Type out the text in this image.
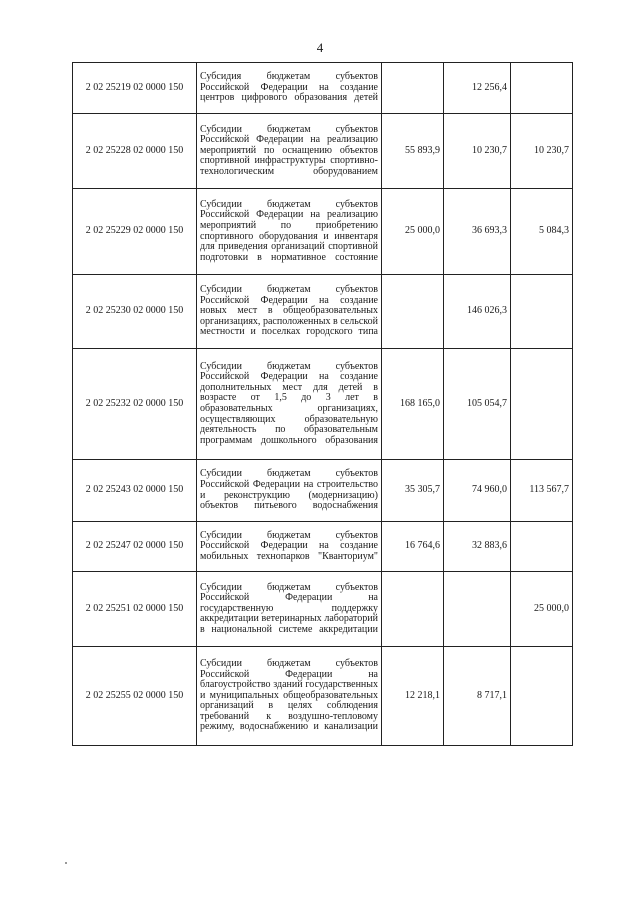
4
2 02 25219 02 0000 150	Субсидия бюджетам субъектов Российской Федерации на создание центров цифрового образования детей		12 256,4	
2 02 25228 02 0000 150	Субсидии бюджетам субъектов Российской Федерации на реализацию мероприятий по оснащению объектов спортивной инфраструктуры спортивно-технологическим оборудованием	55 893,9	10 230,7	10 230,7
2 02 25229 02 0000 150	Субсидии бюджетам субъектов Российской Федерации на реализацию мероприятий по приобретению спортивного оборудования и инвентаря для приведения организаций спортивной подготовки в нормативное состояние	25 000,0	36 693,3	5 084,3
2 02 25230 02 0000 150	Субсидии бюджетам субъектов Российской Федерации на создание новых мест в общеобразовательных организациях, расположенных в сельской местности и поселках городского типа		146 026,3	
2 02 25232 02 0000 150	Субсидии бюджетам субъектов Российской Федерации на создание дополнительных мест для детей в возрасте от 1,5 до 3 лет в образовательных организациях, осуществляющих образовательную деятельность по образовательным программам дошкольного образования	168 165,0	105 054,7	
2 02 25243 02 0000 150	Субсидии бюджетам субъектов Российской Федерации на строительство и реконструкцию (модернизацию) объектов питьевого водоснабжения	35 305,7	74 960,0	113 567,7
2 02 25247 02 0000 150	Субсидии бюджетам субъектов Российской Федерации на создание мобильных технопарков "Кванториум"	16 764,6	32 883,6	
2 02 25251 02 0000 150	Субсидии бюджетам субъектов Российской Федерации на государственную поддержку аккредитации ветеринарных лабораторий в национальной системе аккредитации			25 000,0
2 02 25255 02 0000 150	Субсидии бюджетам субъектов Российской Федерации на благоустройство зданий государственных и муниципальных общеобразовательных организаций в целях соблюдения требований к воздушно-тепловому режиму, водоснабжению и канализации	12 218,1	8 717,1	
